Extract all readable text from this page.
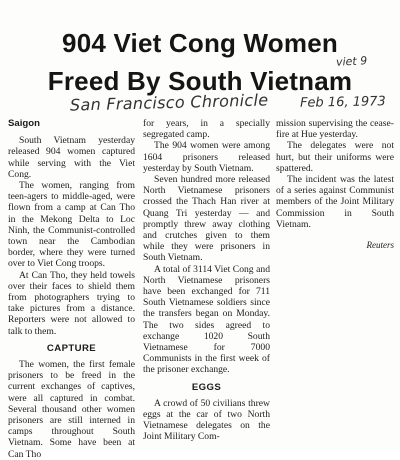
904 Viet Cong Women
Freed By South Vietnam
viet 9
San Francisco Chronicle Feb 16, 1973
Saigon

South Vietnam yesterday released 904 women captured while serving with the Viet Cong.

The women, ranging from teen-agers to middle-aged, were flown from a camp at Can Tho in the Mekong Delta to Loc Ninh, the Communist-controlled town near the Cambodian border, where they were turned over to Viet Cong troops.

At Can Tho, they held towels over their faces to shield them from photographers trying to take pictures from a distance. Reporters were not allowed to talk to them.

CAPTURE

The women, the first female prisoners to be freed in the current exchanges of captives, were all captured in combat. Several thousand other women prisoners are still interned in camps throughout South Vietnam. Some have been at Can Tho

for years, in a specially segregated camp.

The 904 women were among 1604 prisoners released yesterday by South Vietnam.

Seven hundred more released North Vietnamese prisoners crossed the Thach Han river at Quang Tri yesterday — and promptly threw away clothing and crutches given to them while they were prisoners in South Vietnam.

A total of 3114 Viet Cong and North Vietnamese prisoners have been exchanged for 711 South Vietnamese soldiers since the transfers began on Monday. The two sides agreed to exchange 1020 South Vietnamese for 7000 Communists in the first week of the prisoner exchange.

EGGS

A crowd of 50 civilians threw eggs at the car of two North Vietnamese delegates on the Joint Military Com-

mission supervising the cease-fire at Hue yesterday.

The delegates were not hurt, but their uniforms were spattered.

The incident was the latest of a series against Communist members of the Joint Military Commission in South Vietnam.

Reuters
